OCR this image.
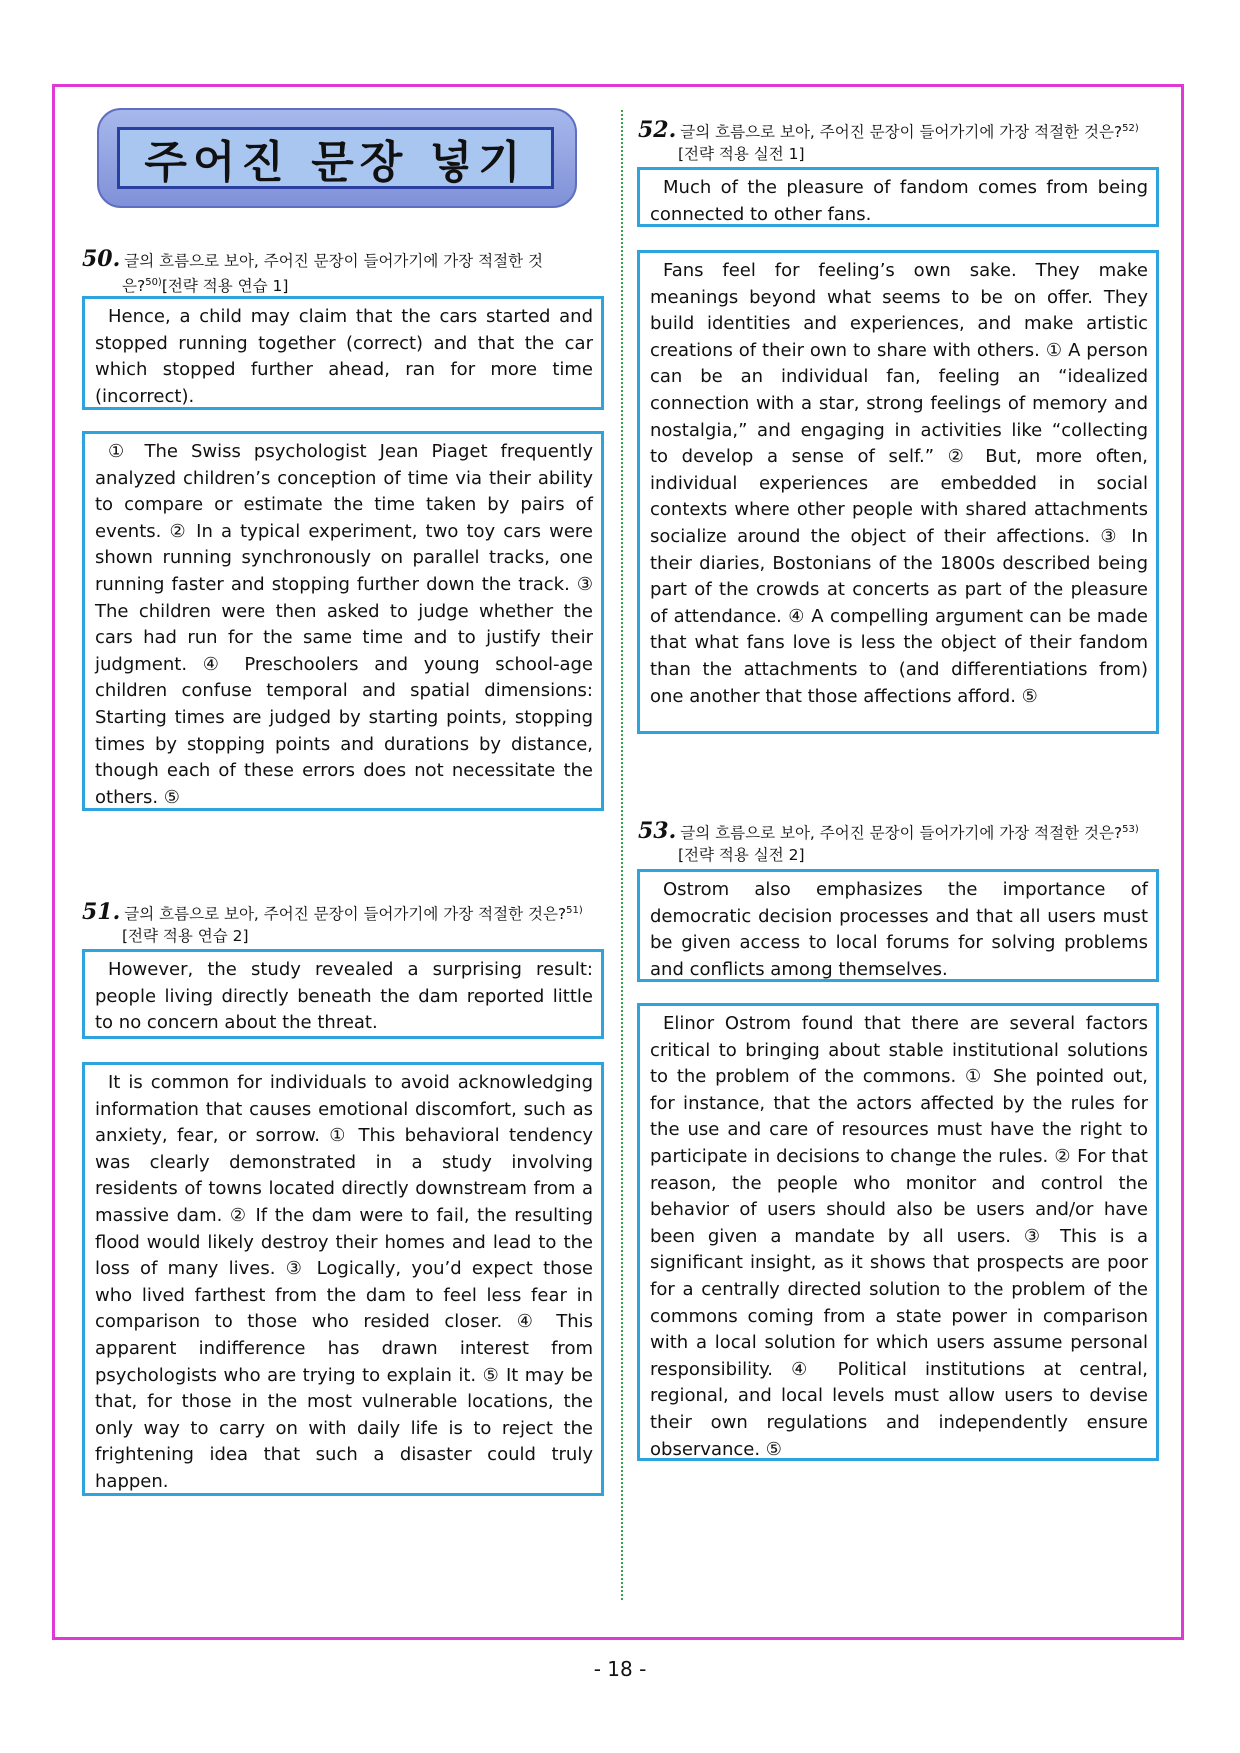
주어진 문장 넣기
50. 글의 흐름으로 보아, 주어진 문장이 들어가기에 가장 적절한 것
은?$^{50)}$[전략 적용 연습 1]

Hence, a child may claim that the cars started and stopped running together (correct) and that the car which stopped further ahead, ran for more time (incorrect).

① The Swiss psychologist Jean Piaget frequently analyzed children’s conception of time via their ability to compare or estimate the time taken by pairs of events. ② In a typical experiment, two toy cars were shown running synchronously on parallel tracks, one running faster and stopping further down the track. ③ The children were then asked to judge whether the cars had run for the same time and to justify their judgment. ④ Preschoolers and young school-age children confuse temporal and spatial dimensions: Starting times are judged by starting points, stopping times by stopping points and durations by distance, though each of these errors does not necessitate the others. ⑤

51. 글의 흐름으로 보아, 주어진 문장이 들어가기에 가장 적절한 것은?$^{51)}$
[전략 적용 연습 2]

However, the study revealed a surprising result: people living directly beneath the dam reported little to no concern about the threat.

It is common for individuals to avoid acknowledging information that causes emotional discomfort, such as anxiety, fear, or sorrow. ① This behavioral tendency was clearly demonstrated in a study involving residents of towns located directly downstream from a massive dam. ② If the dam were to fail, the resulting flood would likely destroy their homes and lead to the loss of many lives. ③ Logically, you’d expect those who lived farthest from the dam to feel less fear in comparison to those who resided closer. ④ This apparent indifference has drawn interest from psychologists who are trying to explain it. ⑤ It may be that, for those in the most vulnerable locations, the only way to carry on with daily life is to reject the frightening idea that such a disaster could truly happen.

52. 글의 흐름으로 보아, 주어진 문장이 들어가기에 가장 적절한 것은?$^{52)}$
[전략 적용 실전 1]

Much of the pleasure of fandom comes from being connected to other fans.

Fans feel for feeling’s own sake. They make meanings beyond what seems to be on offer. They build identities and experiences, and make artistic creations of their own to share with others. ① A person can be an individual fan, feeling an “idealized connection with a star, strong feelings of memory and nostalgia,” and engaging in activities like “collecting to develop a sense of self.” ② But, more often, individual experiences are embedded in social contexts where other people with shared attachments socialize around the object of their affections. ③ In their diaries, Bostonians of the 1800s described being part of the crowds at concerts as part of the pleasure of attendance. ④ A compelling argument can be made that what fans love is less the object of their fandom than the attachments to (and differentiations from) one another that those affections afford. ⑤

53. 글의 흐름으로 보아, 주어진 문장이 들어가기에 가장 적절한 것은?$^{53)}$
[전략 적용 실전 2]

Ostrom also emphasizes the importance of democratic decision processes and that all users must be given access to local forums for solving problems and conflicts among themselves.

Elinor Ostrom found that there are several factors critical to bringing about stable institutional solutions to the problem of the commons. ① She pointed out, for instance, that the actors affected by the rules for the use and care of resources must have the right to participate in decisions to change the rules. ② For that reason, the people who monitor and control the behavior of users should also be users and/or have been given a mandate by all users. ③ This is a significant insight, as it shows that prospects are poor for a centrally directed solution to the problem of the commons coming from a state power in comparison with a local solution for which users assume personal responsibility. ④ Political institutions at central, regional, and local levels must allow users to devise their own regulations and independently ensure observance. ⑤

- 18 -
